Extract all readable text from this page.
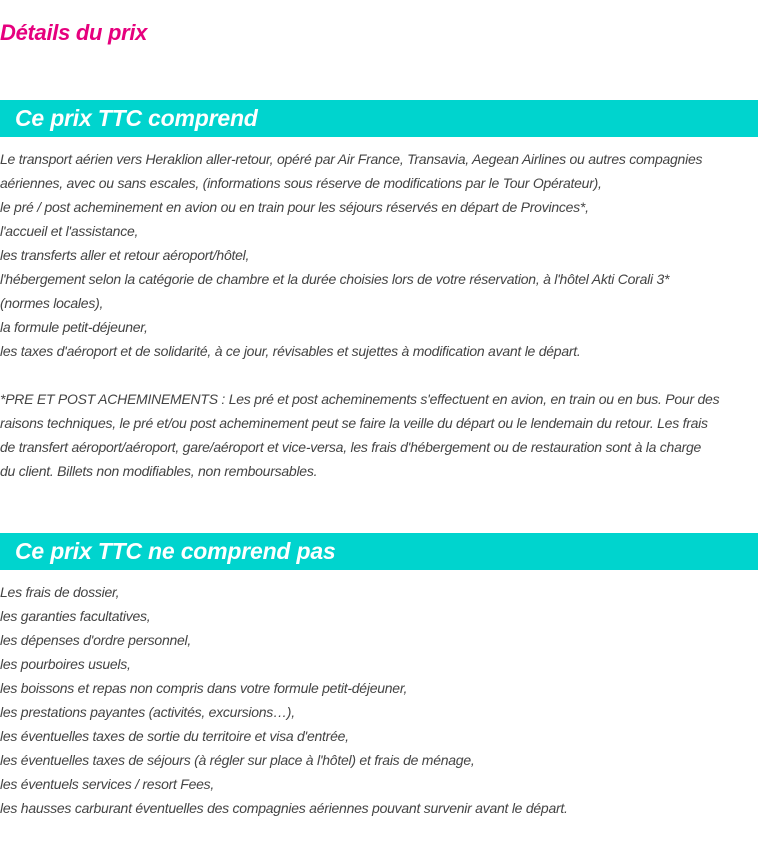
Détails du prix
Ce prix TTC comprend
Le transport aérien vers Heraklion aller-retour, opéré par Air France, Transavia, Aegean Airlines ou autres compagnies
aériennes, avec ou sans escales, (informations sous réserve de modifications par le Tour Opérateur),
le pré / post acheminement en avion ou en train pour les séjours réservés en départ de Provinces*,
l'accueil et l'assistance,
les transferts aller et retour aéroport/hôtel,
l'hébergement selon la catégorie de chambre et la durée choisies lors de votre réservation, à l'hôtel Akti Corali 3*
(normes locales),
la formule petit-déjeuner,
les taxes d'aéroport et de solidarité, à ce jour, révisables et sujettes à modification avant le départ.
*PRE ET POST ACHEMINEMENTS : Les pré et post acheminements s'effectuent en avion, en train ou en bus. Pour des
raisons techniques, le pré et/ou post acheminement peut se faire la veille du départ ou le lendemain du retour. Les frais
de transfert aéroport/aéroport, gare/aéroport et vice-versa, les frais d'hébergement ou de restauration sont à la charge
du client. Billets non modifiables, non remboursables.
Ce prix TTC ne comprend pas
Les frais de dossier,
les garanties facultatives,
les dépenses d'ordre personnel,
les pourboires usuels,
les boissons et repas non compris dans votre formule petit-déjeuner,
les prestations payantes (activités, excursions…),
les éventuelles taxes de sortie du territoire et visa d'entrée,
les éventuelles taxes de séjours (à régler sur place à l'hôtel) et frais de ménage,
les éventuels services / resort Fees,
les hausses carburant éventuelles des compagnies aériennes pouvant survenir avant le départ.
